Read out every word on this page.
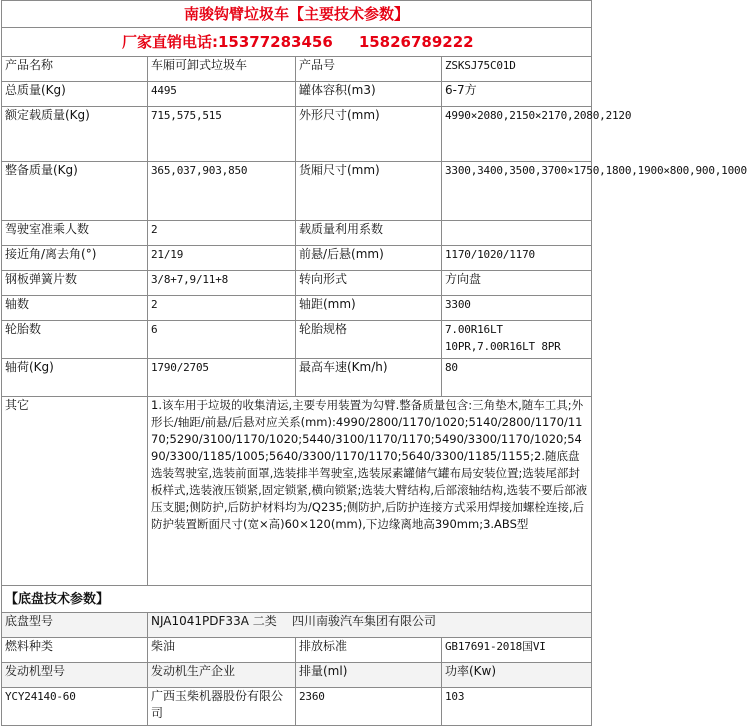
南骏钩臂垃圾车【主要技术参数】			
厂家直销电话:15377283456 15826789222			
产品名称	车厢可卸式垃圾车	产品号	ZSKSJ75C01D
总质量(Kg)	4495	罐体容积(m3)	6-7方
额定载质量(Kg)	715,575,515	外形尺寸(mm)	4990×2080,2150×2170,2080,2120
整备质量(Kg)	365,037,903,850	货厢尺寸(mm)	3300,3400,3500,3700×1750,1800,1900×800,900,1000
驾驶室准乘人数	2	载质量利用系数	
接近角/离去角(°)	21/19	前悬/后悬(mm)	1170/1020/1170
钢板弹簧片数	3/8+7,9/11+8	转向形式	方向盘
轴数	2	轴距(mm)	3300
轮胎数	6	轮胎规格	7.00R16LT 10PR,7.00R16LT 8PR
轴荷(Kg)	1790/2705	最高车速(Km/h)	80
其它	1.该车用于垃圾的收集清运,主要专用装置为勾臂.整备质量包含:三角垫木,随车工具;外形长/轴距/前悬/后悬对应关系(mm):4990/2800/1170/1020;5140/2800/1170/1170;5290/3100/1170/1020;5440/3100/1170/1170;5490/3300/1170/1020;5490/3300/1185/1005;5640/3300/1170/1170;5640/3300/1185/1155;2.随底盘选装驾驶室,选装前面罩,选装排半驾驶室,选装尿素罐储气罐布局安装位置;选装尾部封板样式,选装液压锁紧,固定锁紧,横向锁紧;选装大臂结构,后部滚轴结构,选装不要后部液压支腿;侧防护,后防护材料均为/Q235;侧防护,后防护连接方式采用焊接加螺栓连接,后防护装置断面尺寸(宽×高)60×120(mm),下边缘离地高390mm;3.ABS型		
【底盘技术参数】			
底盘型号	NJA1041PDF33A 二类 四川南骏汽车集团有限公司		
燃料种类	柴油	排放标准	GB17691-2018国VI
发动机型号	发动机生产企业	排量(ml)	功率(Kw)
YCY24140-60	广西玉柴机器股份有限公司	2360	103
